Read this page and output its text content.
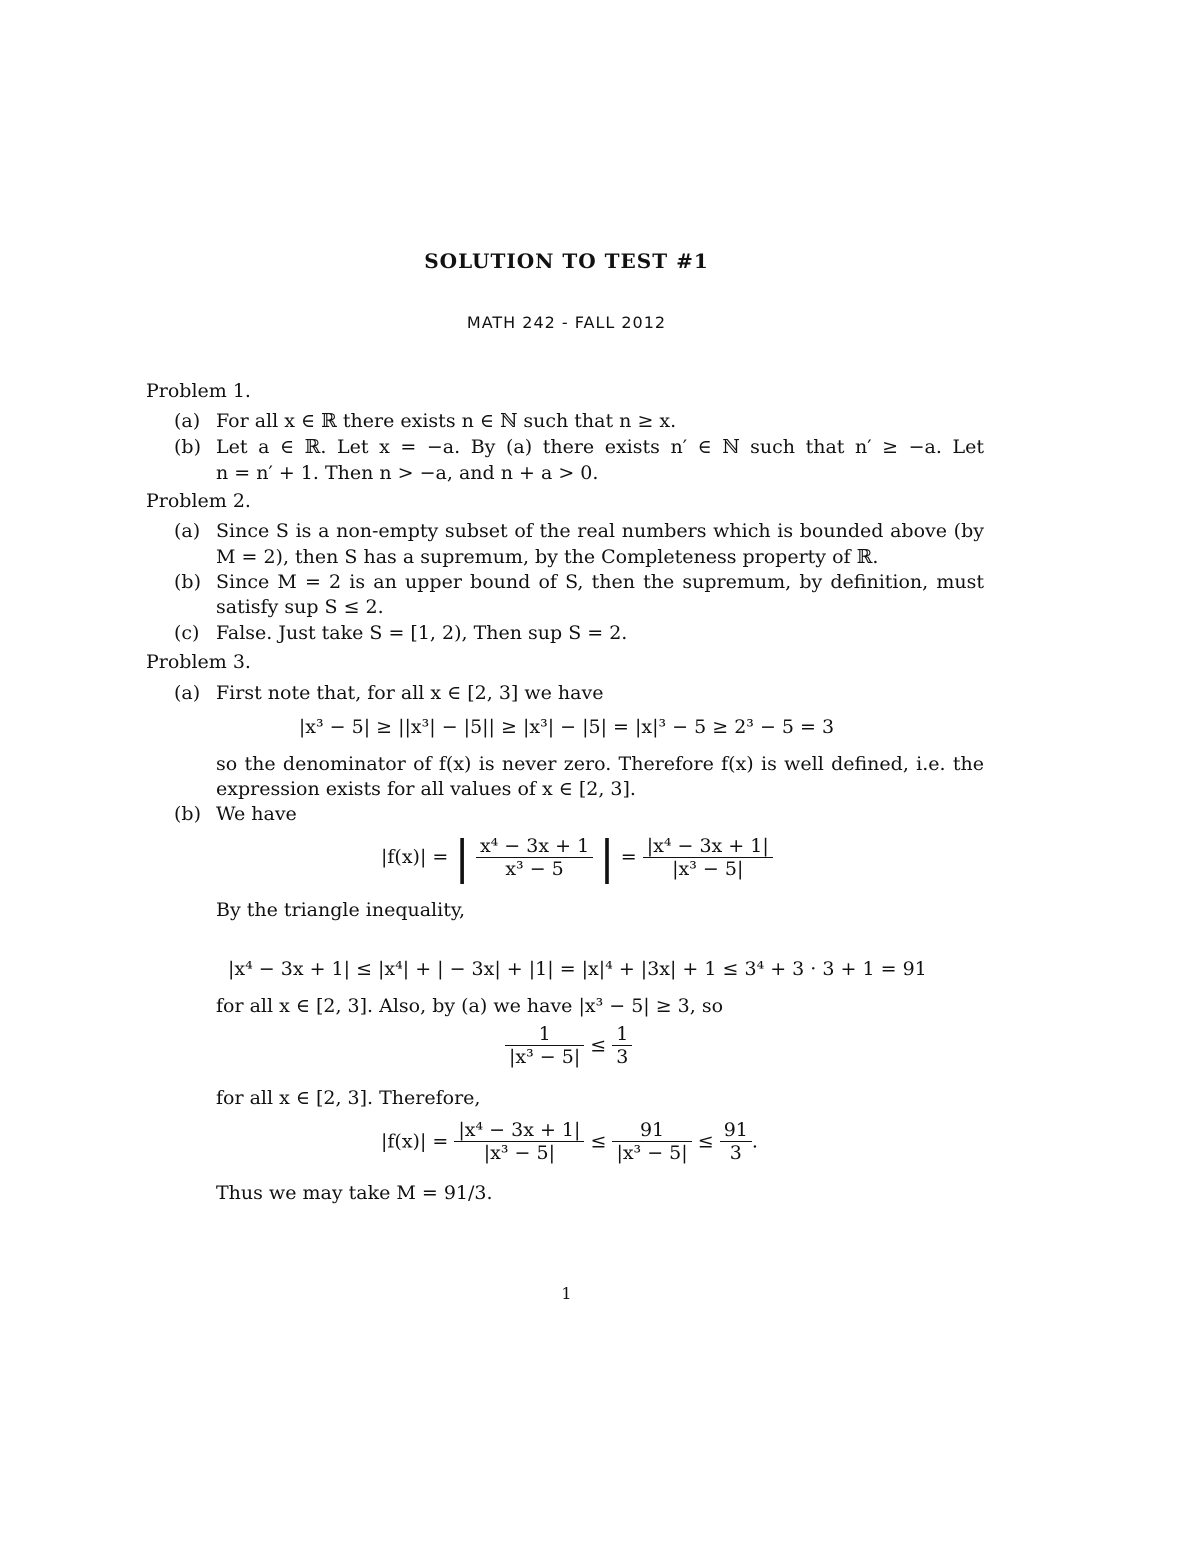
SOLUTION TO TEST #1
MATH 242 - FALL 2012
Problem 1.
(a) For all x ∈ ℝ there exists n ∈ ℕ such that n ≥ x.
(b) Let a ∈ ℝ. Let x = −a. By (a) there exists n′ ∈ ℕ such that n′ ≥ −a. Let
n = n′ + 1. Then n > −a, and n + a > 0.
Problem 2.
(a) Since S is a non-empty subset of the real numbers which is bounded above (by
M = 2), then S has a supremum, by the Completeness property of ℝ.
(b) Since M = 2 is an upper bound of S, then the supremum, by definition, must
satisfy sup S ≤ 2.
(c) False. Just take S = [1, 2), Then sup S = 2.
Problem 3.
(a) First note that, for all x ∈ [2, 3] we have
|x³ − 5| ≥ ||x³| − |5|| ≥ |x³| − |5| = |x|³ − 5 ≥ 2³ − 5 = 3
so the denominator of f(x) is never zero. Therefore f(x) is well defined, i.e. the
expression exists for all values of x ∈ [2, 3].
(b) We have
|f(x)| = | $\frac{\text{x⁴ − 3x + 1}}{\text{x³ − 5}}$ | = $\frac{\text{|x⁴ − 3x + 1|}}{\text{|x³ − 5|}}$
By the triangle inequality,
|x⁴ − 3x + 1| ≤ |x⁴| + | − 3x| + |1| = |x|⁴ + |3x| + 1 ≤ 3⁴ + 3 · 3 + 1 = 91
for all x ∈ [2, 3]. Also, by (a) we have |x³ − 5| ≥ 3, so
$\frac{1}{\text{|x³ − 5|}} \le \frac{1}{3}$
for all x ∈ [2, 3]. Therefore,
$|f(x)| = \frac{\text{|x⁴ − 3x + 1|}}{\text{|x³ − 5|}} \le \frac{91}{\text{|x³ − 5|}} \le \frac{91}{3}$ .
Thus we may take M = 91/3.
1
